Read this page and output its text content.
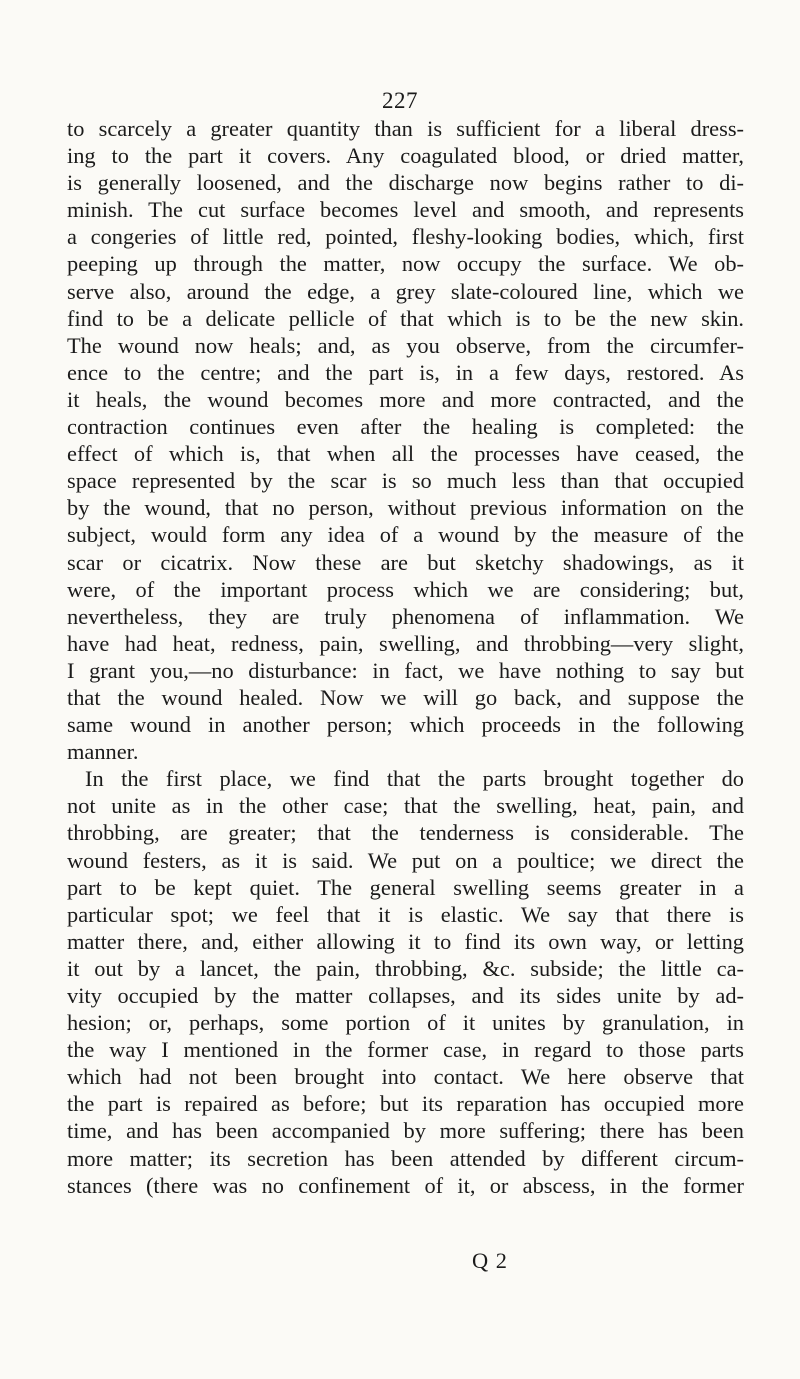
227
to scarcely a greater quantity than is sufficient for a liberal dress-
ing to the part it covers. Any coagulated blood, or dried matter,
is generally loosened, and the discharge now begins rather to di-
minish. The cut surface becomes level and smooth, and represents
a congeries of little red, pointed, fleshy-looking bodies, which, first
peeping up through the matter, now occupy the surface. We ob-
serve also, around the edge, a grey slate-coloured line, which we
find to be a delicate pellicle of that which is to be the new skin.
The wound now heals; and, as you observe, from the circumfer-
ence to the centre; and the part is, in a few days, restored. As
it heals, the wound becomes more and more contracted, and the
contraction continues even after the healing is completed: the
effect of which is, that when all the processes have ceased, the
space represented by the scar is so much less than that occupied
by the wound, that no person, without previous information on the
subject, would form any idea of a wound by the measure of the
scar or cicatrix. Now these are but sketchy shadowings, as it
were, of the important process which we are considering; but,
nevertheless, they are truly phenomena of inflammation. We
have had heat, redness, pain, swelling, and throbbing—very slight,
I grant you,—no disturbance: in fact, we have nothing to say but
that the wound healed. Now we will go back, and suppose the
same wound in another person; which proceeds in the following
manner.
In the first place, we find that the parts brought together do
not unite as in the other case; that the swelling, heat, pain, and
throbbing, are greater; that the tenderness is considerable. The
wound festers, as it is said. We put on a poultice; we direct the
part to be kept quiet. The general swelling seems greater in a
particular spot; we feel that it is elastic. We say that there is
matter there, and, either allowing it to find its own way, or letting
it out by a lancet, the pain, throbbing, &c. subside; the little ca-
vity occupied by the matter collapses, and its sides unite by ad-
hesion; or, perhaps, some portion of it unites by granulation, in
the way I mentioned in the former case, in regard to those parts
which had not been brought into contact. We here observe that
the part is repaired as before; but its reparation has occupied more
time, and has been accompanied by more suffering; there has been
more matter; its secretion has been attended by different circum-
stances (there was no confinement of it, or abscess, in the former
Q 2
